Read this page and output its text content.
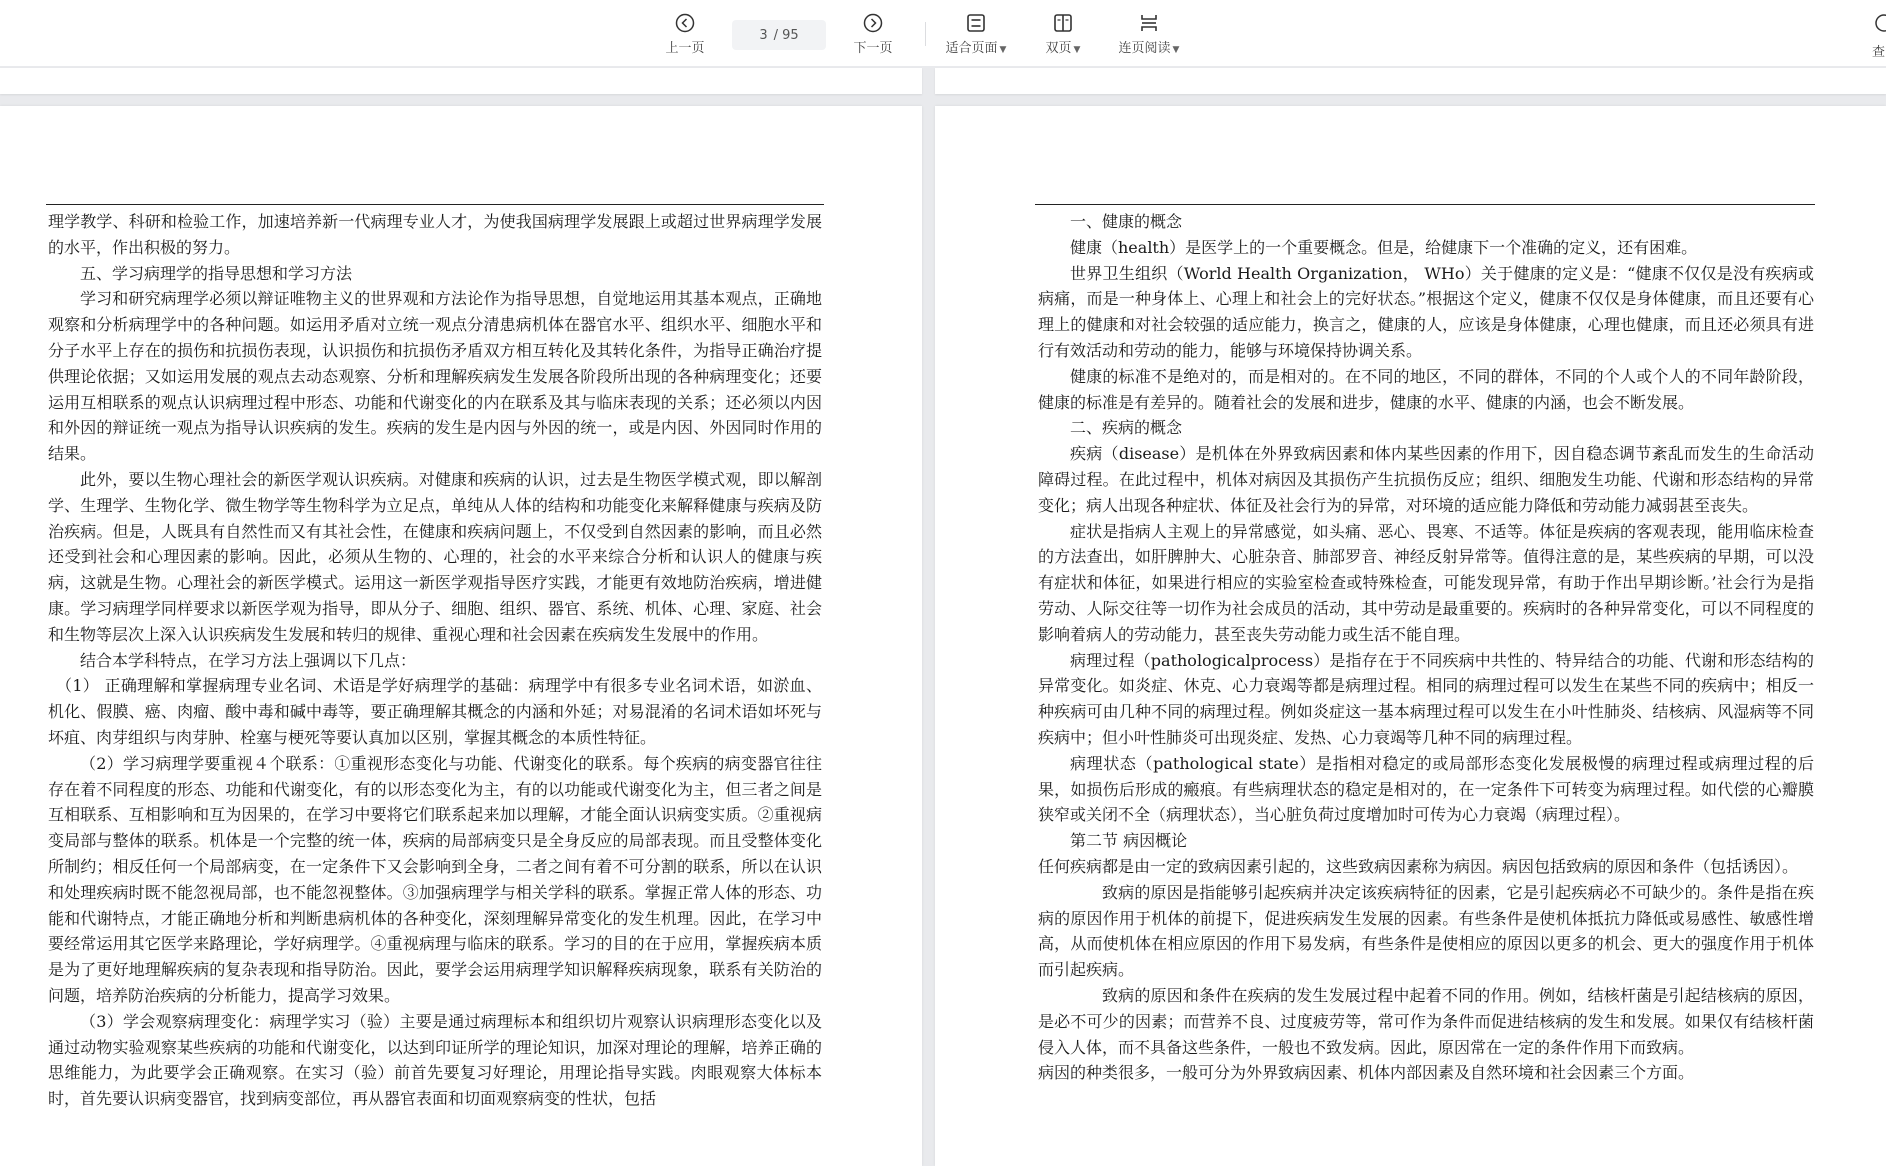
上一页
3 / 95
下一页	适合页面 ▼	双页 ▼	连页阅读 ▼	查

理学教学、科研和检验工作，加速培养新一代病理专业人才，为使我国病理学发展跟上或超过世界病理学发展的水平，作出积极的努力。

五、学习病理学的指导思想和学习方法

学习和研究病理学必须以辩证唯物主义的世界观和方法论作为指导思想，自觉地运用其基本观点，正确地观察和分析病理学中的各种问题。如运用矛盾对立统一观点分清患病机体在器官水平、组织水平、细胞水平和分子水平上存在的损伤和抗损伤表现，认识损伤和抗损伤矛盾双方相互转化及其转化条件，为指导正确治疗提供理论依据；又如运用发展的观点去动态观察、分析和理解疾病发生发展各阶段所出现的各种病理变化；还要运用互相联系的观点认识病理过程中形态、功能和代谢变化的内在联系及其与临床表现的关系；还必须以内因和外因的辩证统一观点为指导认识疾病的发生。疾病的发生是内因与外因的统一，或是内因、外因同时作用的结果。

此外，要以生物心理社会的新医学观认识疾病。对健康和疾病的认识，过去是生物医学模式观，即以解剖学、生理学、生物化学、微生物学等生物科学为立足点，单纯从人体的结构和功能变化来解释健康与疾病及防治疾病。但是，人既具有自然性而又有其社会性，在健康和疾病问题上，不仅受到自然因素的影响，而且必然还受到社会和心理因素的影响。因此，必须从生物的、心理的，社会的水平来综合分析和认识人的健康与疾病，这就是生物。心理社会的新医学模式。运用这一新医学观指导医疗实践，才能更有效地防治疾病，增进健康。学习病理学同样要求以新医学观为指导，即从分子、细胞、组织、器官、系统、机体、心理、家庭、社会和生物等层次上深入认识疾病发生发展和转归的规律、重视心理和社会因素在疾病发生发展中的作用。

结合本学科特点，在学习方法上强调以下几点：

（1） 正确理解和掌握病理专业名词、术语是学好病理学的基础：病理学中有很多专业名词术语，如淤血、机化、假膜、癌、肉瘤、酸中毒和碱中毒等，要正确理解其概念的内涵和外延；对易混淆的名词术语如坏死与坏疽、肉芽组织与肉芽肿、栓塞与梗死等要认真加以区别，掌握其概念的本质性特征。

（2）学习病理学要重视４个联系：①重视形态变化与功能、代谢变化的联系。每个疾病的病变器官往往存在着不同程度的形态、功能和代谢变化，有的以形态变化为主，有的以功能或代谢变化为主，但三者之间是互相联系、互相影响和互为因果的，在学习中要将它们联系起来加以理解，才能全面认识病变实质。②重视病变局部与整体的联系。机体是一个完整的统一体，疾病的局部病变只是全身反应的局部表现。而且受整体变化所制约；相反任何一个局部病变，在一定条件下又会影响到全身，二者之间有着不可分割的联系，所以在认识和处理疾病时既不能忽视局部，也不能忽视整体。③加强病理学与相关学科的联系。掌握正常人体的形态、功能和代谢特点，才能正确地分析和判断患病机体的各种变化，深刻理解异常变化的发生机理。因此，在学习中要经常运用其它医学来路理论，学好病理学。④重视病理与临床的联系。学习的目的在于应用，掌握疾病本质是为了更好地理解疾病的复杂表现和指导防治。因此，要学会运用病理学知识解释疾病现象，联系有关防治的问题，培养防治疾病的分析能力，提高学习效果。

（3）学会观察病理变化：病理学实习（验）主要是通过病理标本和组织切片观察认识病理形态变化以及通过动物实验观察某些疾病的功能和代谢变化，以达到印证所学的理论知识，加深对理论的理解，培养正确的思维能力，为此要学会正确观察。在实习（验）前首先要复习好理论，用理论指导实践。肉眼观察大体标本时，首先要认识病变器官，找到病变部位，再从器官表面和切面观察病变的性状，包括

一、健康的概念

健康（health）是医学上的一个重要概念。但是，给健康下一个准确的定义，还有困难。

世界卫生组织（World Health Organization， WHo）关于健康的定义是：“健康不仅仅是没有疾病或病痛，而是一种身体上、心理上和社会上的完好状态。”根据这个定义，健康不仅仅是身体健康，而且还要有心理上的健康和对社会较强的适应能力，换言之，健康的人，应该是身体健康，心理也健康，而且还必须具有进行有效活动和劳动的能力，能够与环境保持协调关系。

健康的标准不是绝对的，而是相对的。在不同的地区，不同的群体，不同的个人或个人的不同年龄阶段，健康的标准是有差异的。随着社会的发展和进步，健康的水平、健康的内涵，也会不断发展。

二、疾病的概念

疾病（disease）是机体在外界致病因素和体内某些因素的作用下，因自稳态调节紊乱而发生的生命活动障碍过程。在此过程中，机体对病因及其损伤产生抗损伤反应；组织、细胞发生功能、代谢和形态结构的异常变化；病人出现各种症状、体征及社会行为的异常，对环境的适应能力降低和劳动能力减弱甚至丧失。

症状是指病人主观上的异常感觉，如头痛、恶心、畏寒、不适等。体征是疾病的客观表现，能用临床检查的方法查出，如肝脾肿大、心脏杂音、肺部罗音、神经反射异常等。值得注意的是，某些疾病的早期，可以没有症状和体征，如果进行相应的实验室检查或特殊检查，可能发现异常，有助于作出早期诊断。’社会行为是指劳动、人际交往等一切作为社会成员的活动，其中劳动是最重要的。疾病时的各种异常变化，可以不同程度的影响着病人的劳动能力，甚至丧失劳动能力或生活不能自理。

病理过程（pathologicalprocess）是指存在于不同疾病中共性的、特异结合的功能、代谢和形态结构的异常变化。如炎症、休克、心力衰竭等都是病理过程。相同的病理过程可以发生在某些不同的疾病中；相反一种疾病可由几种不同的病理过程。例如炎症这一基本病理过程可以发生在小叶性肺炎、结核病、风湿病等不同疾病中；但小叶性肺炎可出现炎症、发热、心力衰竭等几种不同的病理过程。

病理状态（pathological state）是指相对稳定的或局部形态变化发展极慢的病理过程或病理过程的后果，如损伤后形成的瘢痕。有些病理状态的稳定是相对的，在一定条件下可转变为病理过程。如代偿的心瓣膜狭窄或关闭不全（病理状态），当心脏负荷过度增加时可传为心力衰竭（病理过程）。

第二节 病因概论

任何疾病都是由一定的致病因素引起的，这些致病因素称为病因。病因包括致病的原因和条件（包括诱因）。

致病的原因是指能够引起疾病并决定该疾病特征的因素，它是引起疾病必不可缺少的。条件是指在疾病的原因作用于机体的前提下，促进疾病发生发展的因素。有些条件是使机体抵抗力降低或易感性、敏感性增高，从而使机体在相应原因的作用下易发病，有些条件是使相应的原因以更多的机会、更大的强度作用于机体而引起疾病。

致病的原因和条件在疾病的发生发展过程中起着不同的作用。例如，结核杆菌是引起结核病的原因，是必不可少的因素；而营养不良、过度疲劳等，常可作为条件而促进结核病的发生和发展。如果仅有结核杆菌侵入人体，而不具备这些条件，一般也不致发病。因此，原因常在一定的条件作用下而致病。

病因的种类很多，一般可分为外界致病因素、机体内部因素及自然环境和社会因素三个方面。
